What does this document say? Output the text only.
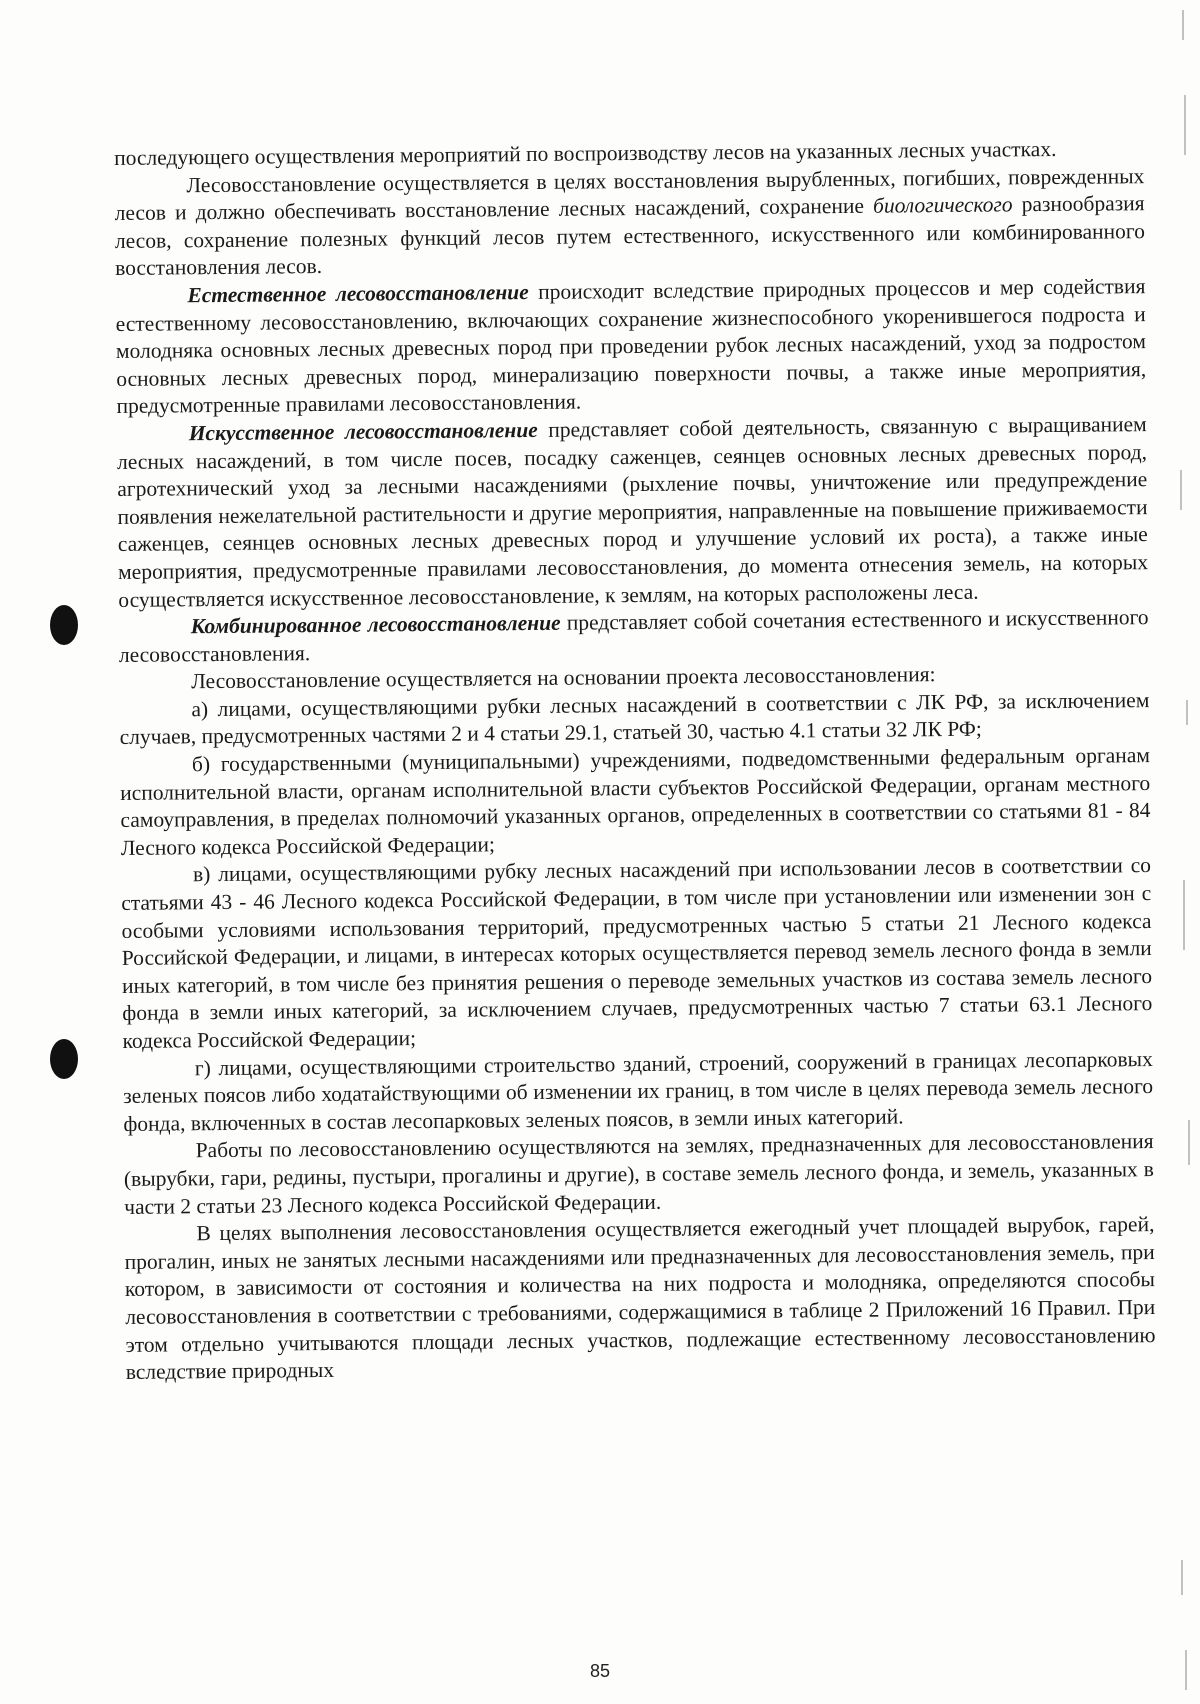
последующего осуществления мероприятий по воспроизводству лесов на указанных лесных участках.

Лесовосстановление осуществляется в целях восстановления вырубленных, погибших, поврежденных лесов и должно обеспечивать восстановление лесных насаждений, сохранение биологического разнообразия лесов, сохранение полезных функций лесов путем естественного, искусственного или комбинированного восстановления лесов.

Естественное лесовосстановление происходит вследствие природных процессов и мер содействия естественному лесовосстановлению, включающих сохранение жизнеспособного укоренившегося подроста и молодняка основных лесных древесных пород при проведении рубок лесных насаждений, уход за подростом основных лесных древесных пород, минерализацию поверхности почвы, а также иные мероприятия, предусмотренные правилами лесовосстановления.

Искусственное лесовосстановление представляет собой деятельность, связанную с выращиванием лесных насаждений, в том числе посев, посадку саженцев, сеянцев основных лесных древесных пород, агротехнический уход за лесными насаждениями (рыхление почвы, уничтожение или предупреждение появления нежелательной растительности и другие мероприятия, направленные на повышение приживаемости саженцев, сеянцев основных лесных древесных пород и улучшение условий их роста), а также иные мероприятия, предусмотренные правилами лесовосстановления, до момента отнесения земель, на которых осуществляется искусственное лесовосстановление, к землям, на которых расположены леса.

Комбинированное лесовосстановление представляет собой сочетания естественного и искусственного лесовосстановления.

Лесовосстановление осуществляется на основании проекта лесовосстановления:

а) лицами, осуществляющими рубки лесных насаждений в соответствии с ЛК РФ, за исключением случаев, предусмотренных частями 2 и 4 статьи 29.1, статьей 30, частью 4.1 статьи 32 ЛК РФ;

б) государственными (муниципальными) учреждениями, подведомственными федеральным органам исполнительной власти, органам исполнительной власти субъектов Российской Федерации, органам местного самоуправления, в пределах полномочий указанных органов, определенных в соответствии со статьями 81 - 84 Лесного кодекса Российской Федерации;

в) лицами, осуществляющими рубку лесных насаждений при использовании лесов в соответствии со статьями 43 - 46 Лесного кодекса Российской Федерации, в том числе при установлении или изменении зон с особыми условиями использования территорий, предусмотренных частью 5 статьи 21 Лесного кодекса Российской Федерации, и лицами, в интересах которых осуществляется перевод земель лесного фонда в земли иных категорий, в том числе без принятия решения о переводе земельных участков из состава земель лесного фонда в земли иных категорий, за исключением случаев, предусмотренных частью 7 статьи 63.1 Лесного кодекса Российской Федерации;

г) лицами, осуществляющими строительство зданий, строений, сооружений в границах лесопарковых зеленых поясов либо ходатайствующими об изменении их границ, в том числе в целях перевода земель лесного фонда, включенных в состав лесопарковых зеленых поясов, в земли иных категорий.

Работы по лесовосстановлению осуществляются на землях, предназначенных для лесовосстановления (вырубки, гари, редины, пустыри, прогалины и другие), в составе земель лесного фонда, и земель, указанных в части 2 статьи 23 Лесного кодекса Российской Федерации.

В целях выполнения лесовосстановления осуществляется ежегодный учет площадей вырубок, гарей, прогалин, иных не занятых лесными насаждениями или предназначенных для лесовосстановления земель, при котором, в зависимости от состояния и количества на них подроста и молодняка, определяются способы лесовосстановления в соответствии с требованиями, содержащимися в таблице 2 Приложений 16 Правил. При этом отдельно учитываются площади лесных участков, подлежащие естественному лесовосстановлению вследствие природных

85
